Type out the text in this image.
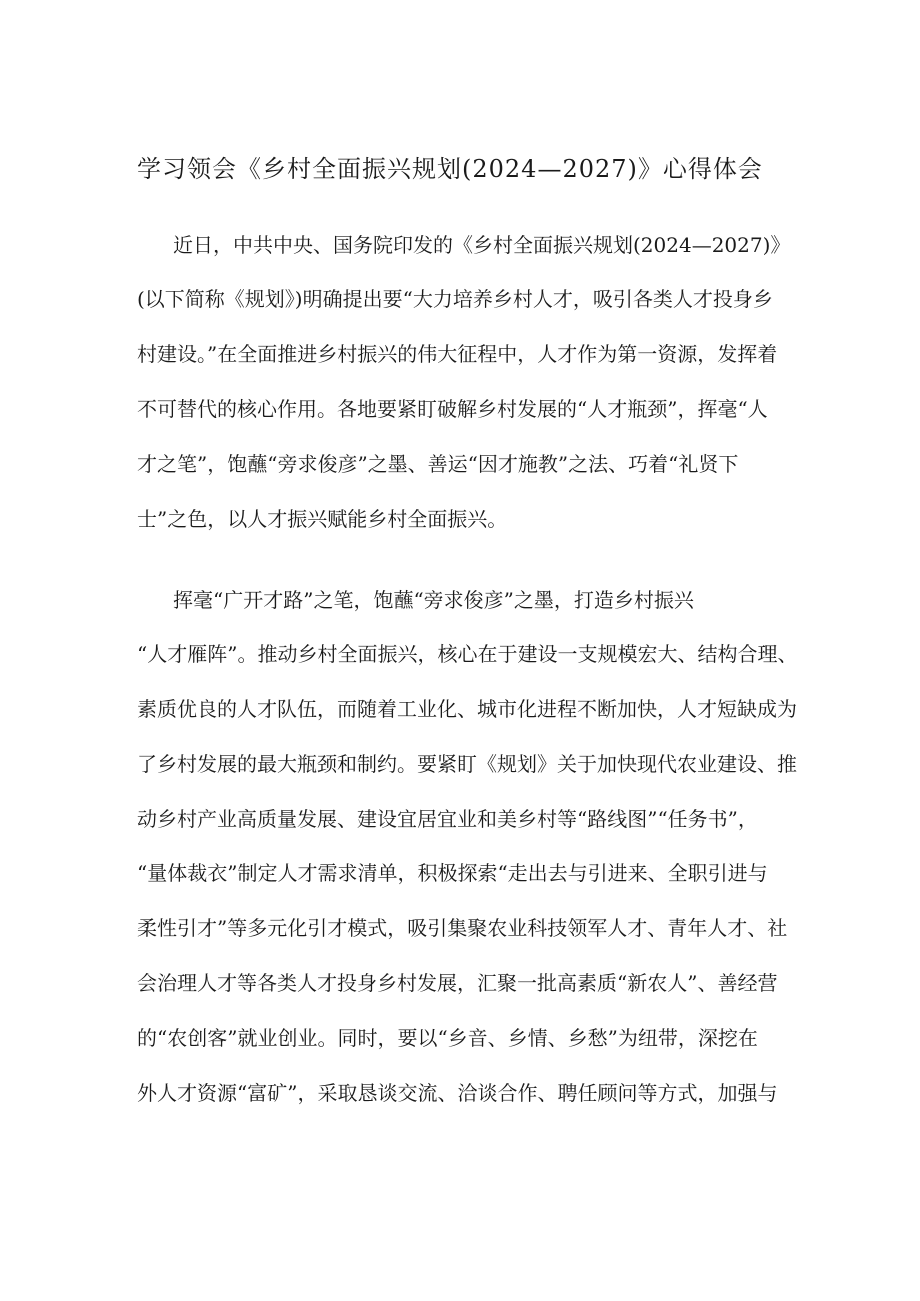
学习领会《乡村全面振兴规划(2024—2027)》心得体会
近日，中共中央、国务院印发的《乡村全面振兴规划(2024—2027)》
(以下简称《规划》)明确提出要“大力培养乡村人才，吸引各类人才投身乡
村建设。”在全面推进乡村振兴的伟大征程中，人才作为第一资源，发挥着
不可替代的核心作用。各地要紧盯破解乡村发展的“人才瓶颈”，挥毫“人
才之笔”，饱蘸“旁求俊彦”之墨、善运“因才施教”之法、巧着“礼贤下
士”之色，以人才振兴赋能乡村全面振兴。
挥毫“广开才路”之笔，饱蘸“旁求俊彦”之墨，打造乡村振兴
“人才雁阵”。推动乡村全面振兴，核心在于建设一支规模宏大、结构合理、
素质优良的人才队伍，而随着工业化、城市化进程不断加快，人才短缺成为
了乡村发展的最大瓶颈和制约。要紧盯《规划》关于加快现代农业建设、推
动乡村产业高质量发展、建设宜居宜业和美乡村等“路线图”“任务书”，
“量体裁衣”制定人才需求清单，积极探索“走出去与引进来、全职引进与
柔性引才”等多元化引才模式，吸引集聚农业科技领军人才、青年人才、社
会治理人才等各类人才投身乡村发展，汇聚一批高素质“新农人”、善经营
的“农创客”就业创业。同时，要以“乡音、乡情、乡愁”为纽带，深挖在
外人才资源“富矿”，采取恳谈交流、洽谈合作、聘任顾问等方式，加强与
